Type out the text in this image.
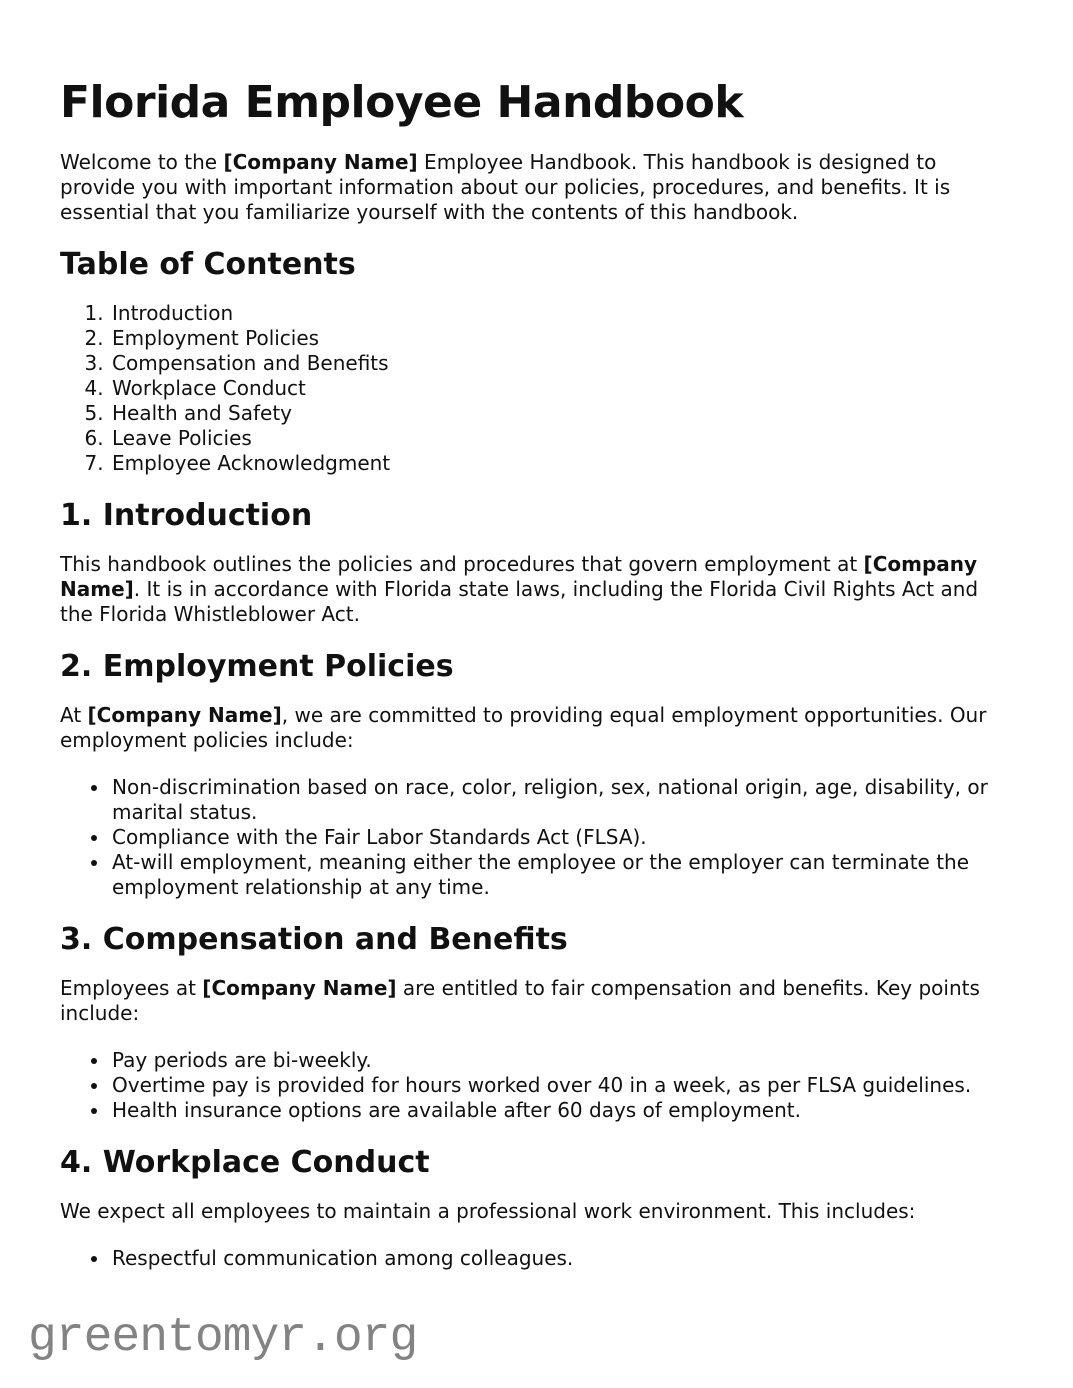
greentomyr.org
Florida Employee Handbook

Welcome to the [Company Name] Employee Handbook. This handbook is designed to provide you with important information about our policies, procedures, and benefits. It is essential that you familiarize yourself with the contents of this handbook.

Table of Contents
1. Introduction
2. Employment Policies
3. Compensation and Benefits
4. Workplace Conduct
5. Health and Safety
6. Leave Policies
7. Employee Acknowledgment
1. Introduction

This handbook outlines the policies and procedures that govern employment at [Company Name]. It is in accordance with Florida state laws, including the Florida Civil Rights Act and the Florida Whistleblower Act.

2. Employment Policies

At [Company Name], we are committed to providing equal employment opportunities. Our employment policies include:

• Non-discrimination based on race, color, religion, sex, national origin, age, disability, or marital status.
• Compliance with the Fair Labor Standards Act (FLSA).
• At-will employment, meaning either the employee or the employer can terminate the employment relationship at any time.
3. Compensation and Benefits

Employees at [Company Name] are entitled to fair compensation and benefits. Key points include:

• Pay periods are bi-weekly.
• Overtime pay is provided for hours worked over 40 in a week, as per FLSA guidelines.
• Health insurance options are available after 60 days of employment.
4. Workplace Conduct

We expect all employees to maintain a professional work environment. This includes:

• Respectful communication among colleagues.
